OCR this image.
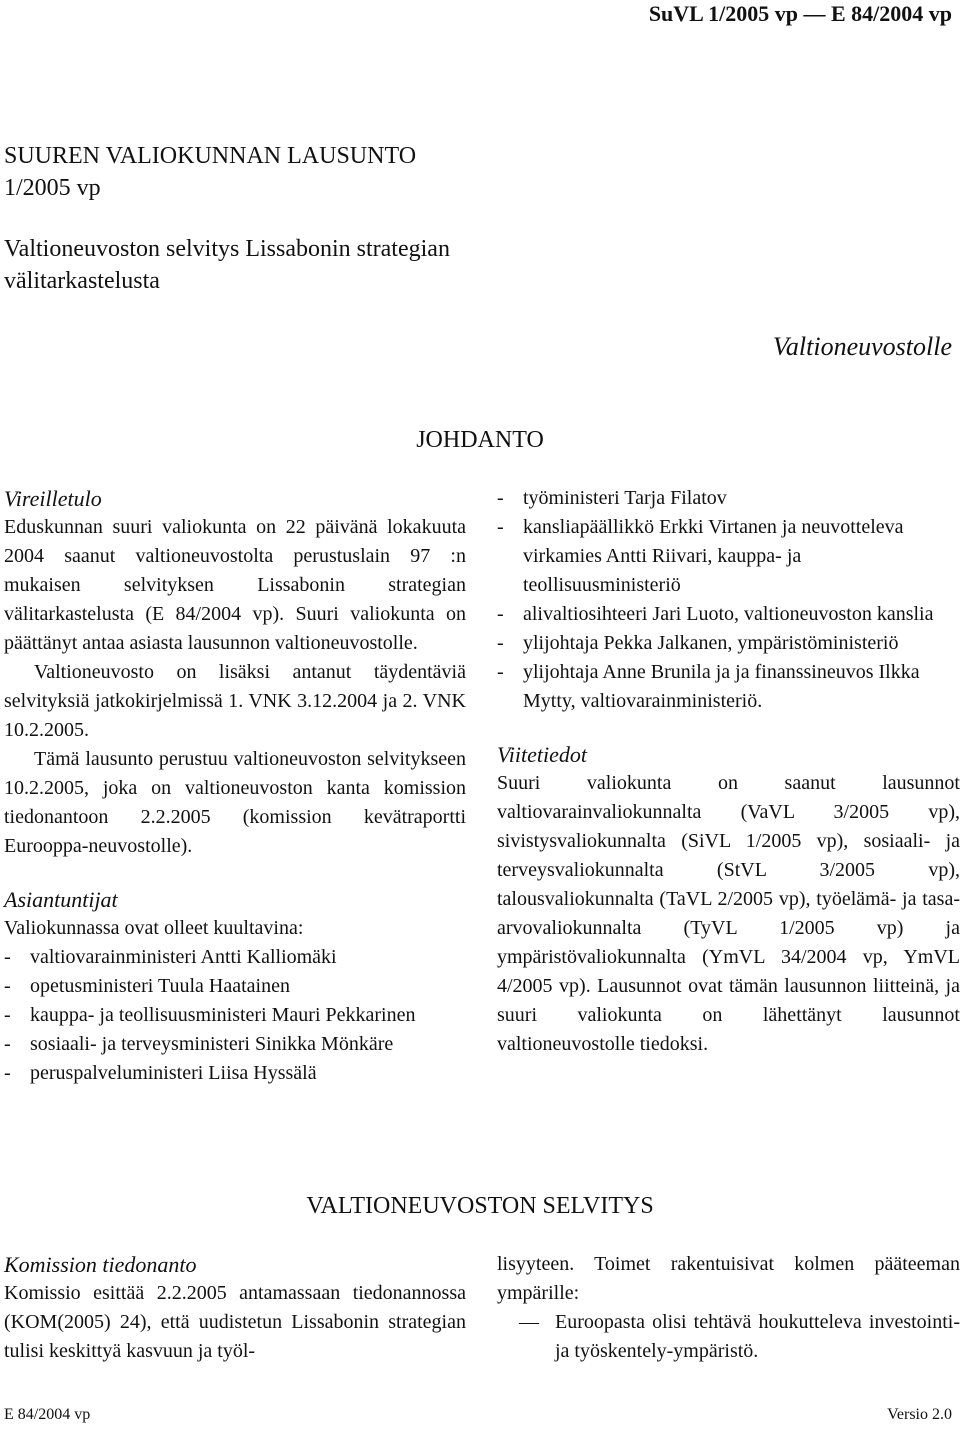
SuVL 1/2005 vp — E 84/2004 vp
SUUREN VALIOKUNNAN LAUSUNTO
1/2005 vp
Valtioneuvoston selvitys Lissabonin strategian
välitarkastelusta
Valtioneuvostolle
JOHDANTO
Vireilletulo

Eduskunnan suuri valiokunta on 22 päivänä lokakuuta 2004 saanut valtioneuvostolta perustuslain 97 :n mukaisen selvityksen Lissabonin strategian välitarkastelusta (E 84/2004 vp). Suuri valiokunta on päättänyt antaa asiasta lausunnon valtioneuvostolle.

Valtioneuvosto on lisäksi antanut täydentäviä selvityksiä jatkokirjelmissä 1. VNK 3.12.2004 ja 2. VNK 10.2.2005.

Tämä lausunto perustuu valtioneuvoston selvitykseen 10.2.2005, joka on valtioneuvoston kanta komission tiedonantoon 2.2.2005 (komission kevätraportti Eurooppa-neuvostolle).

Asiantuntijat

Valiokunnassa ovat olleet kuultavina:

- valtiovarainministeri Antti Kalliomäki
- opetusministeri Tuula Haatainen
- kauppa- ja teollisuusministeri Mauri Pekkarinen
- sosiaali- ja terveysministeri Sinikka Mönkäre
- peruspalveluministeri Liisa Hyssälä
- työministeri Tarja Filatov
- kansliapäällikkö Erkki Virtanen ja neuvotteleva virkamies Antti Riivari, kauppa- ja teollisuusministeriö
- alivaltiosihteeri Jari Luoto, valtioneuvoston kanslia
- ylijohtaja Pekka Jalkanen, ympäristöministeriö
- ylijohtaja Anne Brunila ja ja finanssineuvos Ilkka Mytty, valtiovarainministeriö.
Viitetiedot

Suuri valiokunta on saanut lausunnot valtiovarainvaliokunnalta (VaVL 3/2005 vp), sivistysvaliokunnalta (SiVL 1/2005 vp), sosiaali- ja terveysvaliokunnalta (StVL 3/2005 vp), talousvaliokunnalta (TaVL 2/2005 vp), työelämä- ja tasa-arvovaliokunnalta (TyVL 1/2005 vp) ja ympäristövaliokunnalta (YmVL 34/2004 vp, YmVL 4/2005 vp). Lausunnot ovat tämän lausunnon liitteinä, ja suuri valiokunta on lähettänyt lausunnot valtioneuvostolle tiedoksi.

VALTIONEUVOSTON SELVITYS
Komission tiedonanto

Komissio esittää 2.2.2005 antamassaan tiedonannossa (KOM(2005) 24), että uudistetun Lissabonin strategian tulisi keskittyä kasvuun ja työl-

lisyyteen. Toimet rakentuisivat kolmen pääteeman ympärille:

— Euroopasta olisi tehtävä houkutteleva investointi- ja työskentely-ympäristö.
E 84/2004 vp	Versio 2.0
